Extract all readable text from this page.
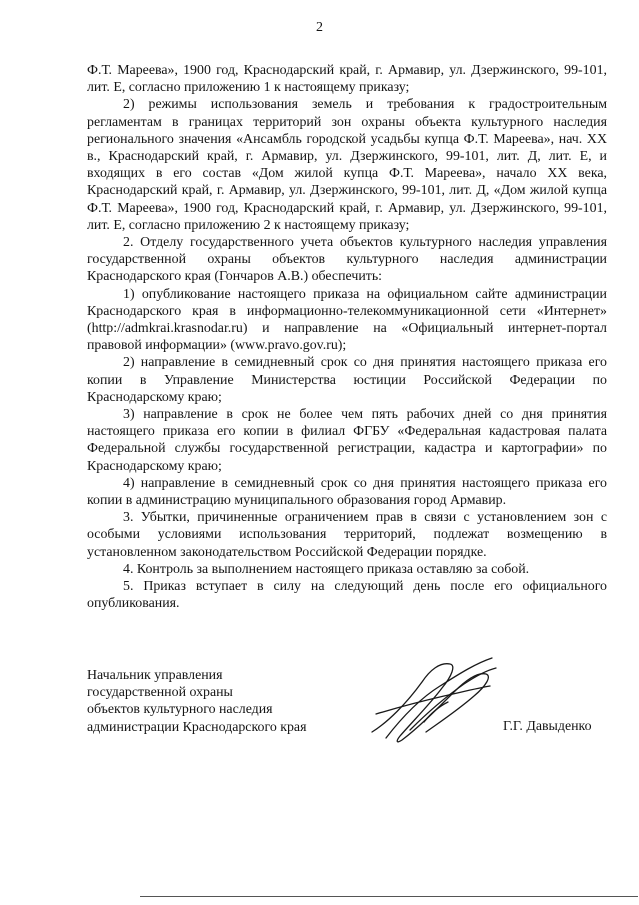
2

Ф.Т. Мареева», 1900 год, Краснодарский край, г. Армавир, ул. Дзержинского, 99-101, лит. Е, согласно приложению 1 к настоящему приказу;

2) режимы использования земель и требования к градостроительным регламентам в границах территорий зон охраны объекта культурного наследия регионального значения «Ансамбль городской усадьбы купца Ф.Т. Мареева», нач. XX в., Краснодарский край, г. Армавир, ул. Дзержинского, 99-101, лит. Д, лит. Е, и входящих в его состав «Дом жилой купца Ф.Т. Мареева», начало XX века, Краснодарский край, г. Армавир, ул. Дзержинского, 99-101, лит. Д, «Дом жилой купца Ф.Т. Мареева», 1900 год, Краснодарский край, г. Армавир, ул. Дзержинского, 99-101, лит. Е, согласно приложению 2 к настоящему приказу;

2. Отделу государственного учета объектов культурного наследия управления государственной охраны объектов культурного наследия администрации Краснодарского края (Гончаров А.В.) обеспечить:

1) опубликование настоящего приказа на официальном сайте администрации Краснодарского края в информационно-телекоммуникационной сети «Интернет» (http://admkrai.krasnodar.ru) и направление на «Официальный интернет-портал правовой информации» (www.pravo.gov.ru);

2) направление в семидневный срок со дня принятия настоящего приказа его копии в Управление Министерства юстиции Российской Федерации по Краснодарскому краю;

3) направление в срок не более чем пять рабочих дней со дня принятия настоящего приказа его копии в филиал ФГБУ «Федеральная кадастровая палата Федеральной службы государственной регистрации, кадастра и картографии» по Краснодарскому краю;

4) направление в семидневный срок со дня принятия настоящего приказа его копии в администрацию муниципального образования город Армавир.

3. Убытки, причиненные ограничением прав в связи с установлением зон с особыми условиями использования территорий, подлежат возмещению в установленном законодательством Российской Федерации порядке.

4. Контроль за выполнением настоящего приказа оставляю за собой.

5. Приказ вступает в силу на следующий день после его официального опубликования.

Начальник управления
государственной охраны
объектов культурного наследия
администрации Краснодарского края	Г.Г. Давыденко
